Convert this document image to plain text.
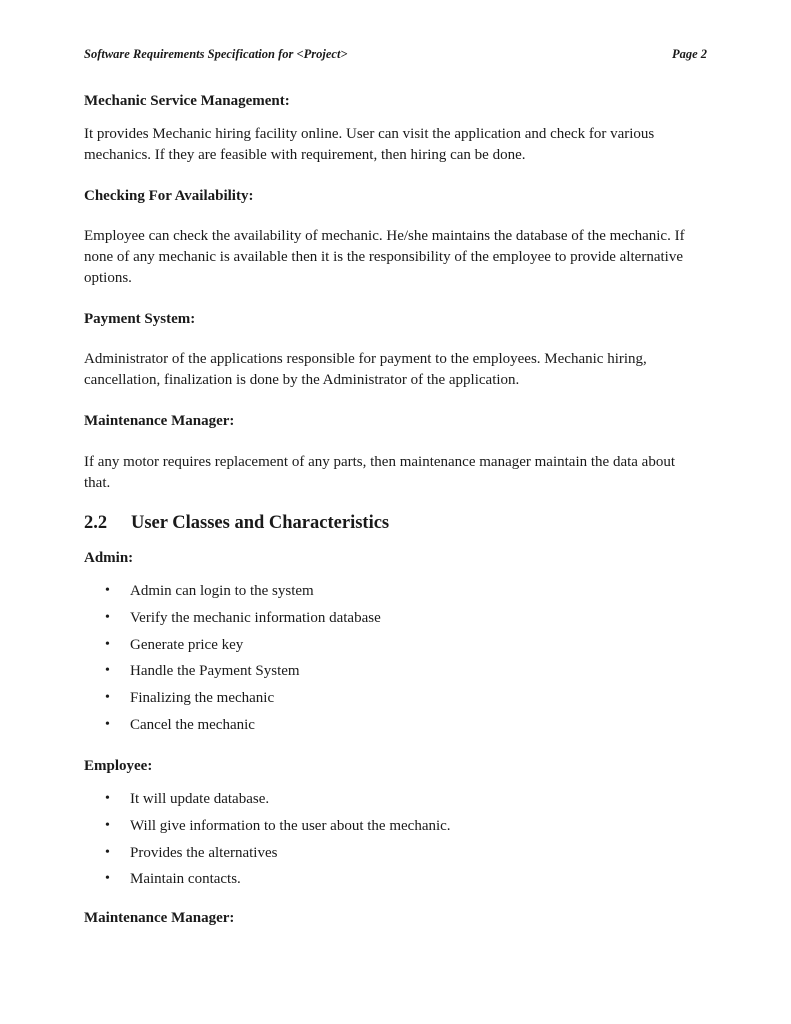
Software Requirements Specification for <Project>	Page 2
Mechanic Service Management:
It provides Mechanic hiring facility online. User can visit the application and check for various
mechanics. If they are feasible with requirement, then hiring can be done.
Checking For Availability:
Employee can check the availability of mechanic. He/she maintains the database of the mechanic. If
none of any mechanic is available then it is the responsibility of the employee to provide alternative
options.
Payment System:
Administrator of the applications responsible for payment to the employees. Mechanic hiring,
cancellation, finalization is done by the Administrator of the application.
Maintenance Manager:
If any motor requires replacement of any parts, then maintenance manager maintain the data about
that.
2.2 User Classes and Characteristics
Admin:
• Admin can login to the system
• Verify the mechanic information database
• Generate price key
• Handle the Payment System
• Finalizing the mechanic
• Cancel the mechanic
Employee:
• It will update database.
• Will give information to the user about the mechanic.
• Provides the alternatives
• Maintain contacts.
Maintenance Manager:
